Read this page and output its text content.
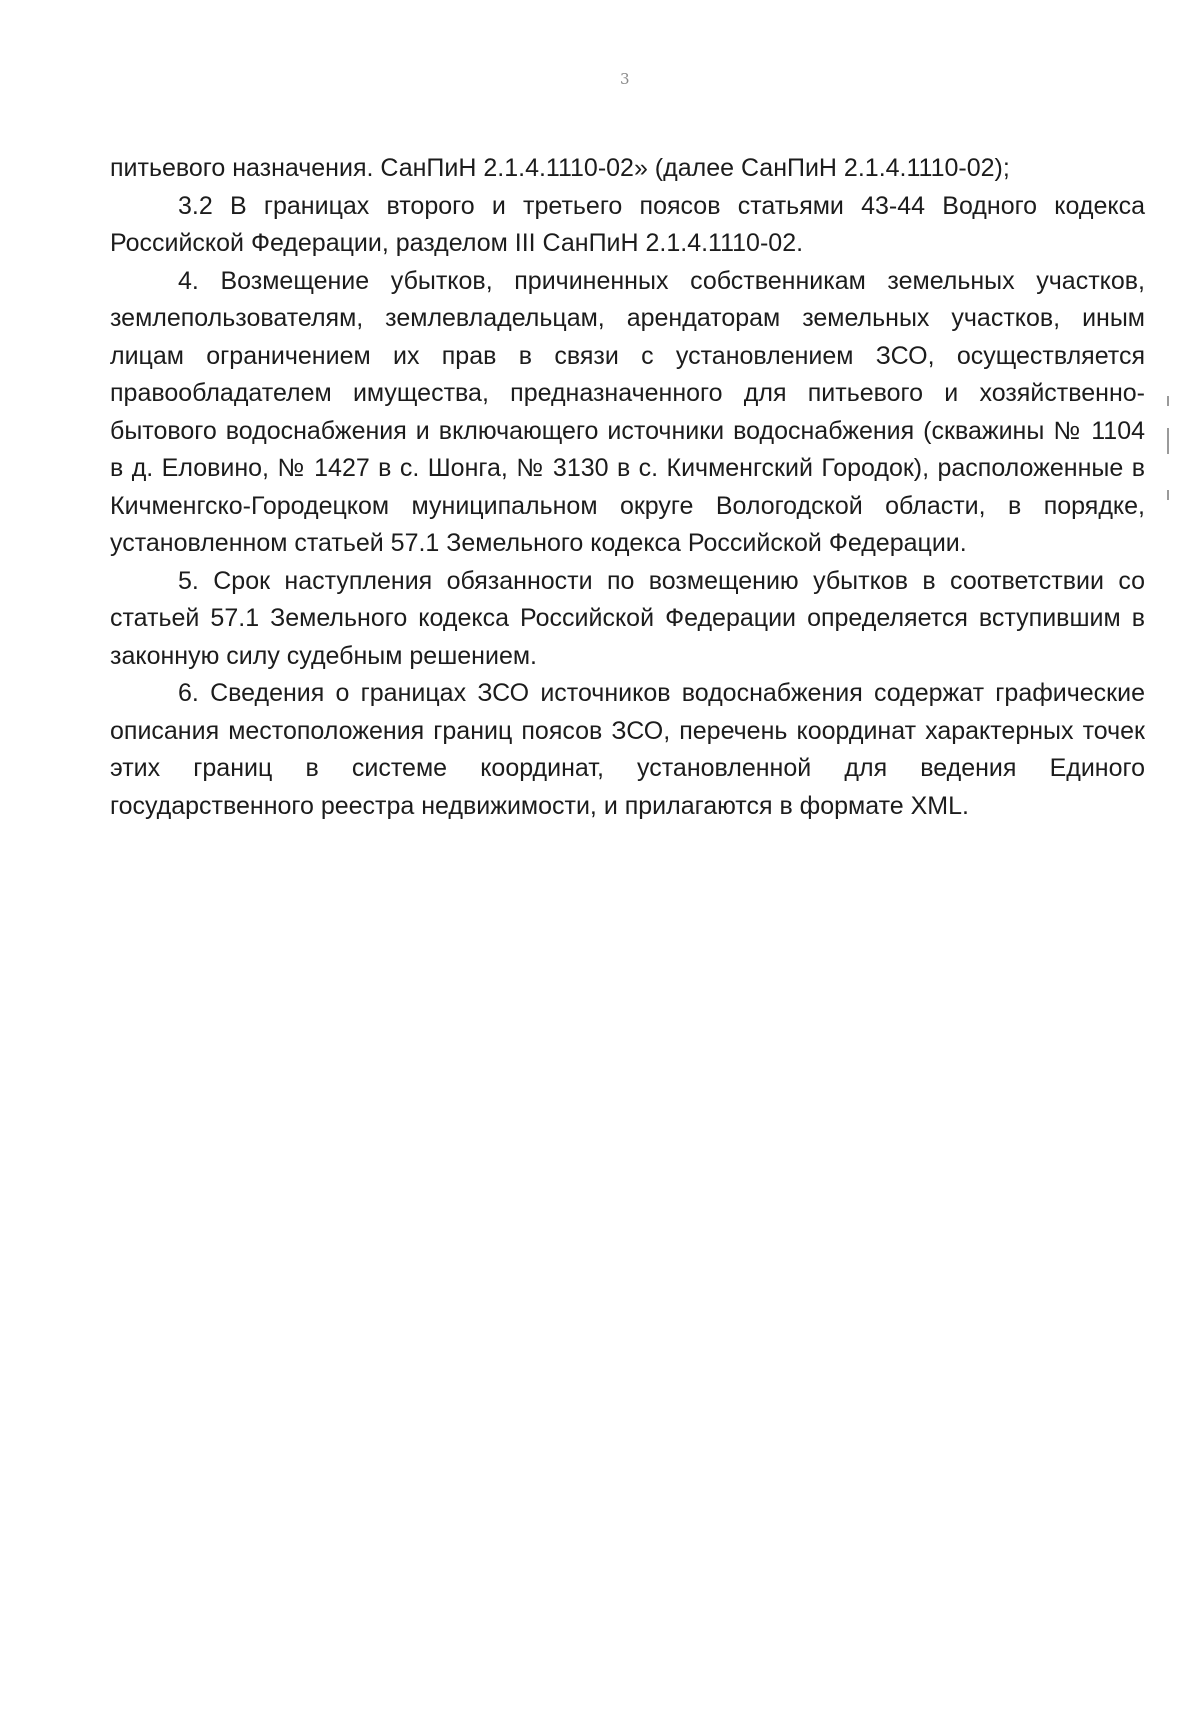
3

питьевого назначения. СанПиН 2.1.4.1110-02» (далее СанПиН 2.1.4.1110-02);

3.2 В границах второго и третьего поясов статьями 43-44 Водного кодекса Российской Федерации, разделом III СанПиН 2.1.4.1110-02.

4. Возмещение убытков, причиненных собственникам земельных участков, землепользователям, землевладельцам, арендаторам земельных участков, иным лицам ограничением их прав в связи с установлением ЗСО, осуществляется правообладателем имущества, предназначенного для питьевого и хозяйственно-бытового водоснабжения и включающего источники водоснабжения (скважины № 1104 в д. Еловино, № 1427 в с. Шонга, № 3130 в с. Кичменгский Городок), расположенные в Кичменгско-Городецком муниципальном округе Вологодской области, в порядке, установленном статьей 57.1 Земельного кодекса Российской Федерации.

5. Срок наступления обязанности по возмещению убытков в соответствии со статьей 57.1 Земельного кодекса Российской Федерации определяется вступившим в законную силу судебным решением.

6. Сведения о границах ЗСО источников водоснабжения содержат графические описания местоположения границ поясов ЗСО, перечень координат характерных точек этих границ в системе координат, установленной для ведения Единого государственного реестра недвижимости, и прилагаются в формате XML.
